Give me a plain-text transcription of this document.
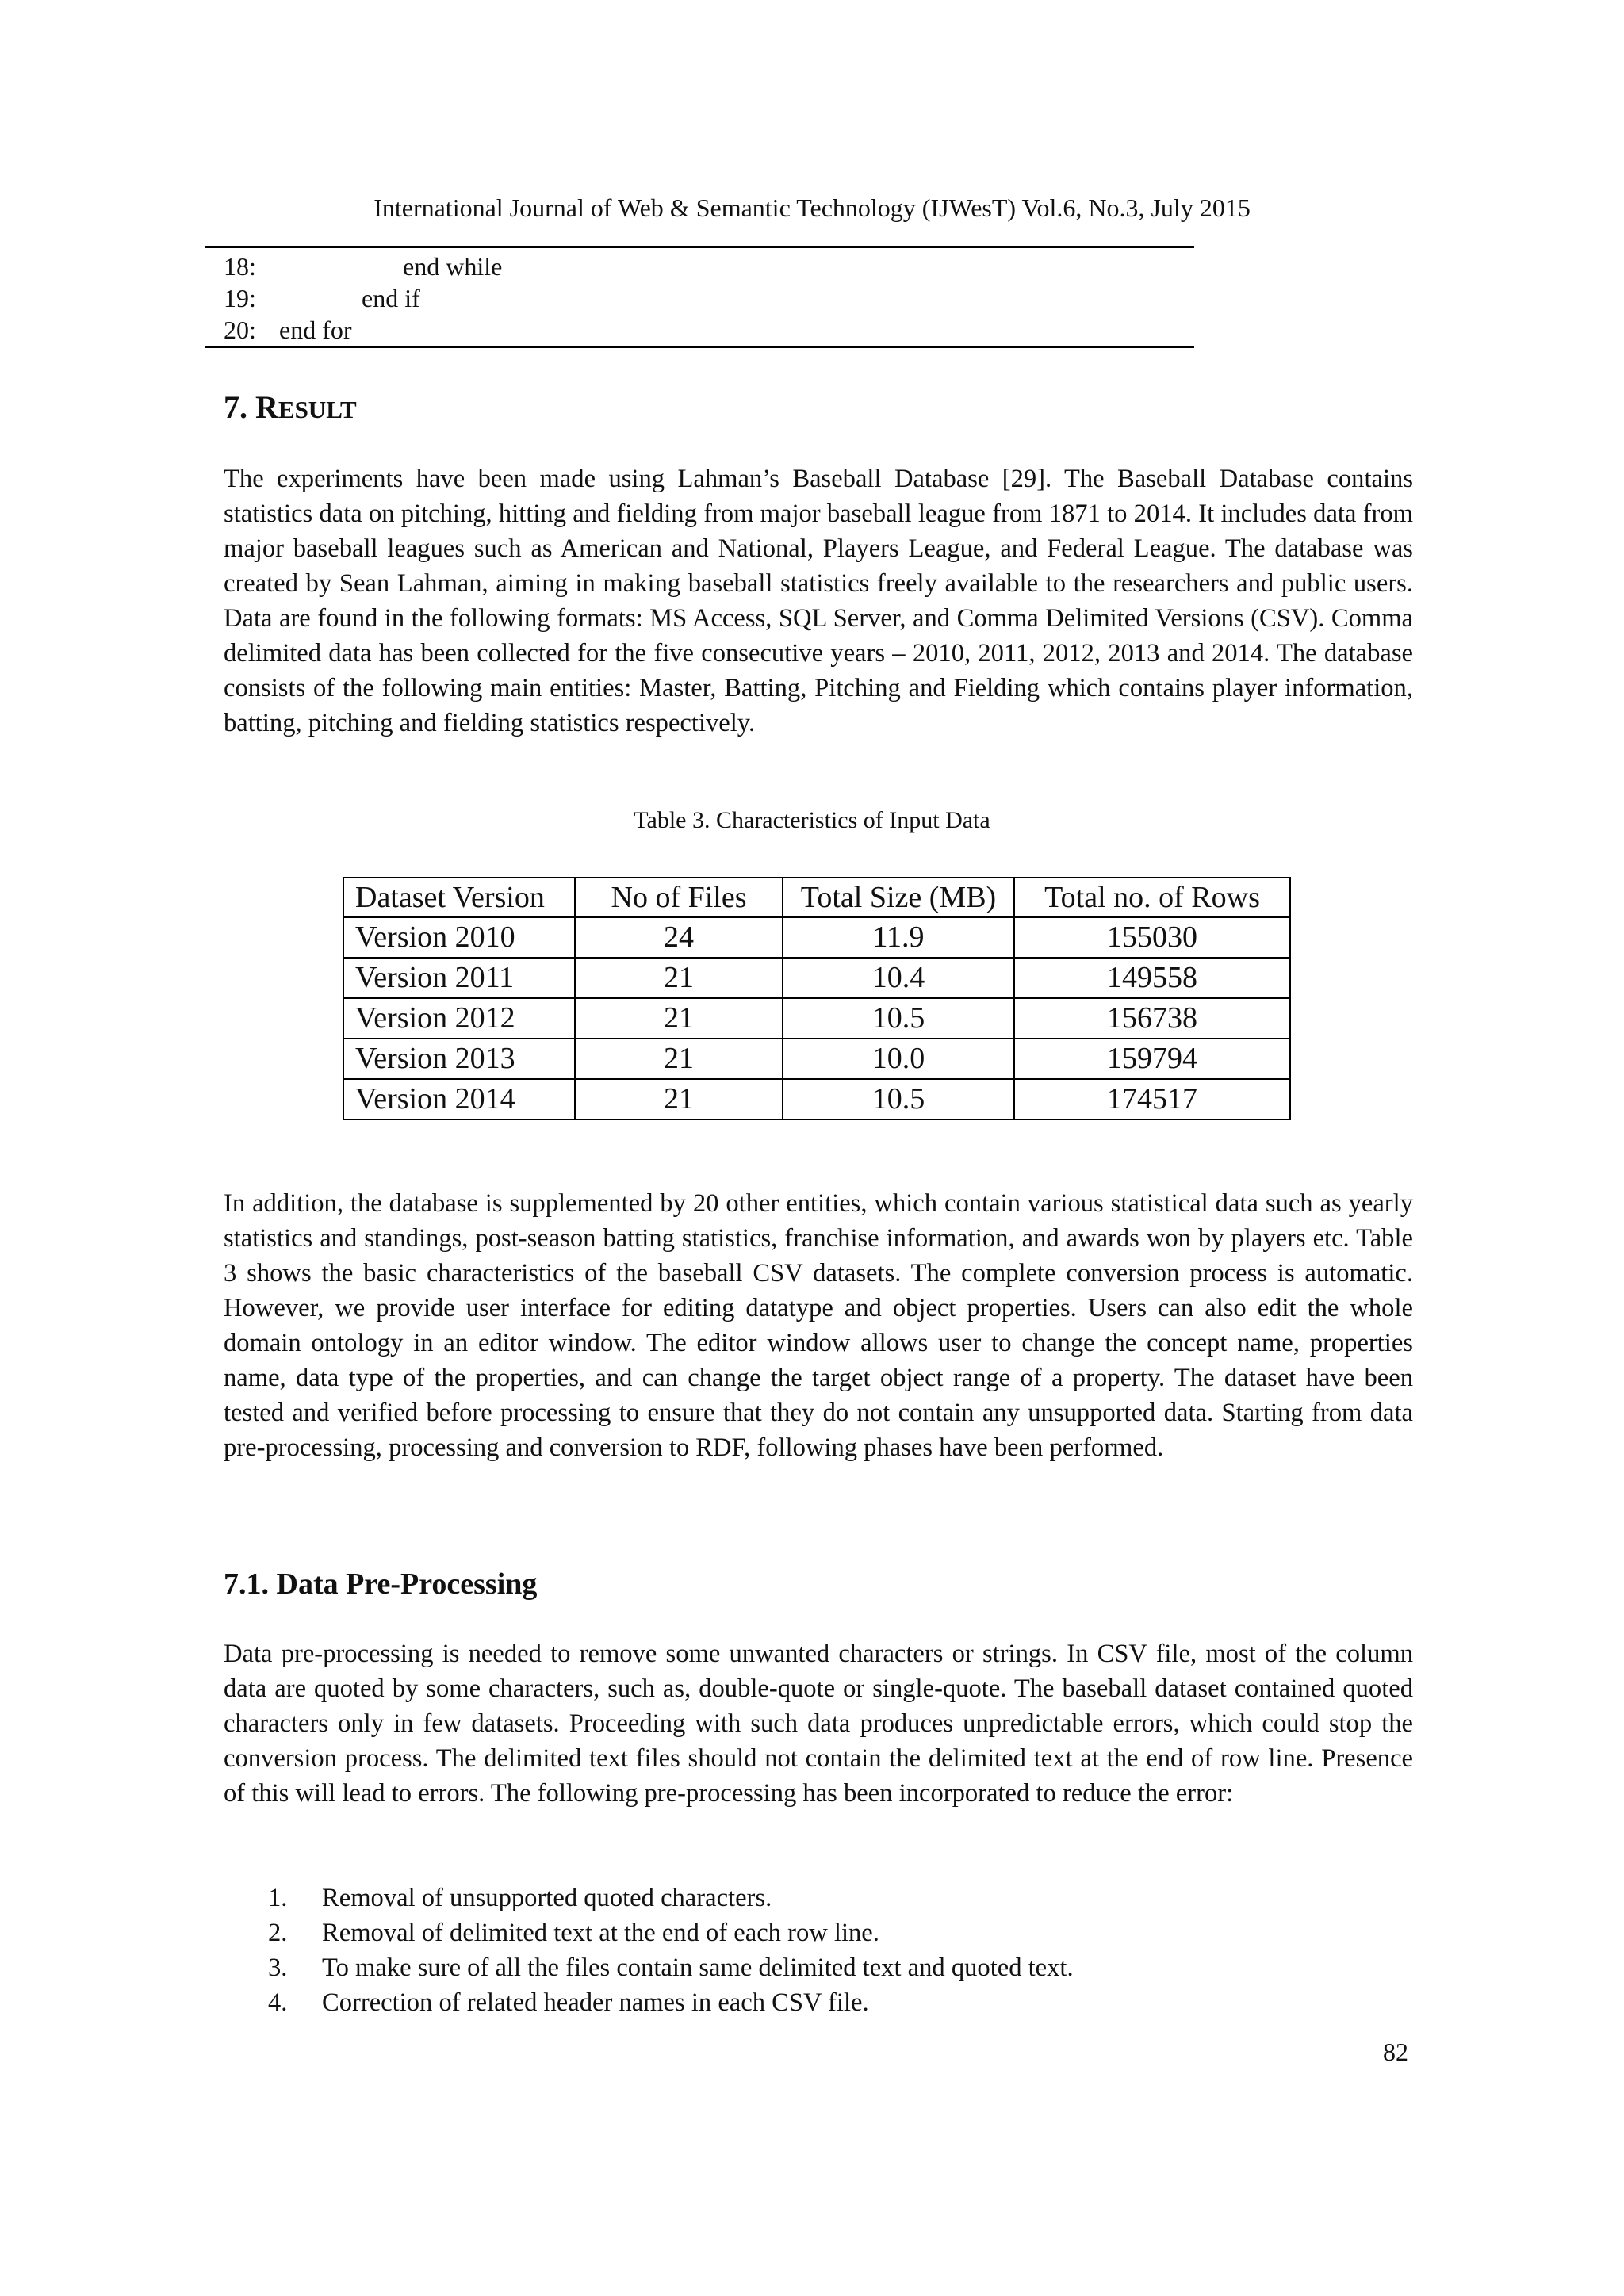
International Journal of Web & Semantic Technology (IJWesT) Vol.6, No.3, July 2015
18:	end while
19:	end if
20: end for
7. RESULT
The experiments have been made using Lahman’s Baseball Database [29]. The Baseball Database contains statistics data on pitching, hitting and fielding from major baseball league from 1871 to 2014. It includes data from major baseball leagues such as American and National, Players League, and Federal League. The database was created by Sean Lahman, aiming in making baseball statistics freely available to the researchers and public users. Data are found in the following formats: MS Access, SQL Server, and Comma Delimited Versions (CSV). Comma delimited data has been collected for the five consecutive years – 2010, 2011, 2012, 2013 and 2014. The database consists of the following main entities: Master, Batting, Pitching and Fielding which contains player information, batting, pitching and fielding statistics respectively.
Table 3. Characteristics of Input Data
Dataset Version	No of Files	Total Size (MB)	Total no. of Rows
Version 2010	24	11.9	155030
Version 2011	21	10.4	149558
Version 2012	21	10.5	156738
Version 2013	21	10.0	159794
Version 2014	21	10.5	174517
In addition, the database is supplemented by 20 other entities, which contain various statistical data such as yearly statistics and standings, post-season batting statistics, franchise information, and awards won by players etc. Table 3 shows the basic characteristics of the baseball CSV datasets. The complete conversion process is automatic. However, we provide user interface for editing datatype and object properties. Users can also edit the whole domain ontology in an editor window. The editor window allows user to change the concept name, properties name, data type of the properties, and can change the target object range of a property. The dataset have been tested and verified before processing to ensure that they do not contain any unsupported data. Starting from data pre-processing, processing and conversion to RDF, following phases have been performed.
7.1. Data Pre-Processing
Data pre-processing is needed to remove some unwanted characters or strings. In CSV file, most of the column data are quoted by some characters, such as, double-quote or single-quote. The baseball dataset contained quoted characters only in few datasets. Proceeding with such data produces unpredictable errors, which could stop the conversion process. The delimited text files should not contain the delimited text at the end of row line. Presence of this will lead to errors. The following pre-processing has been incorporated to reduce the error:
1. Removal of unsupported quoted characters.
2. Removal of delimited text at the end of each row line.
3. To make sure of all the files contain same delimited text and quoted text.
4. Correction of related header names in each CSV file.
82
